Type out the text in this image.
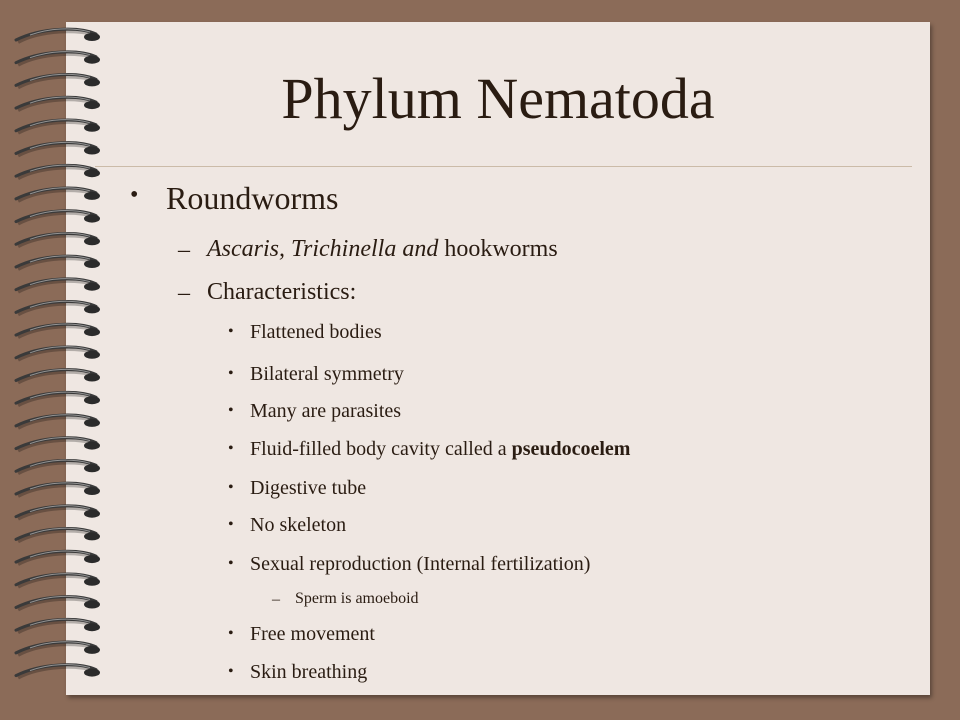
Phylum Nematoda
• Roundworms
– Ascaris, Trichinella and hookworms
– Characteristics:
• Flattened bodies
• Bilateral symmetry
• Many are parasites
• Fluid-filled body cavity called a pseudocoelem
• Digestive tube
• No skeleton
• Sexual reproduction (Internal fertilization)
– Sperm is amoeboid
• Free movement
• Skin breathing
